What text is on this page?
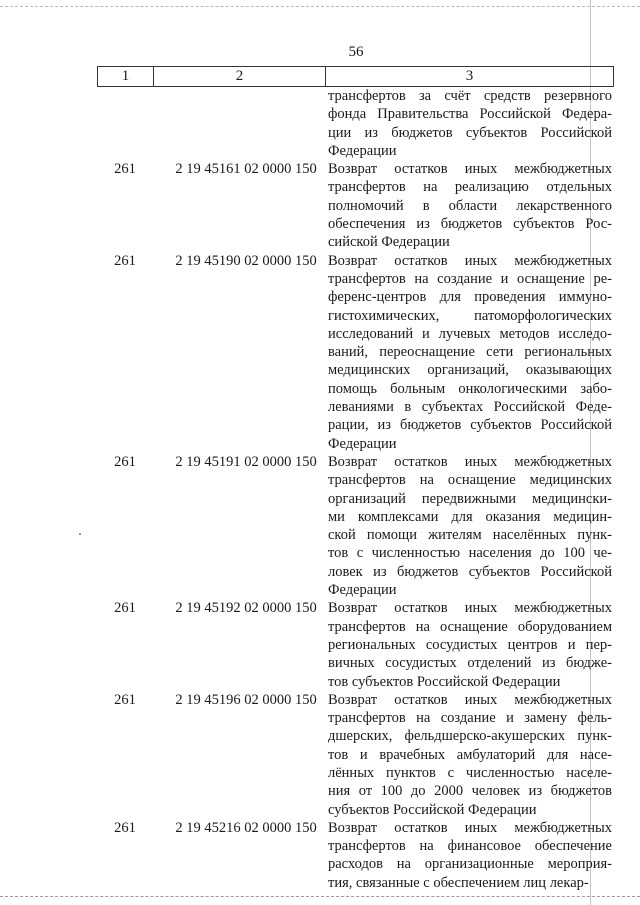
56
1	2	3
трансфертов за счёт средств резервного
фонда Правительства Российской Федера-
ции из бюджетов субъектов Российской
Федерации
261	2 19 45161 02 0000 150 Возврат остатков иных межбюджетных
трансфертов на реализацию отдельных
полномочий в области лекарственного
обеспечения из бюджетов субъектов Рос-
сийской Федерации
261	2 19 45190 02 0000 150 Возврат остатков иных межбюджетных
трансфертов на создание и оснащение ре-
ференс-центров для проведения иммуно-
гистохимических, патоморфологических
исследований и лучевых методов исследо-
ваний, переоснащение сети региональных
медицинских организаций, оказывающих
помощь больным онкологическими забо-
леваниями в субъектах Российской Феде-
рации, из бюджетов субъектов Российской
Федерации
261	2 19 45191 02 0000 150 Возврат остатков иных межбюджетных
трансфертов на оснащение медицинских
организаций передвижными медицински-
ми комплексами для оказания медицин-
ской помощи жителям населённых пунк-
тов с численностью населения до 100 че-
ловек из бюджетов субъектов Российской
Федерации
261	2 19 45192 02 0000 150 Возврат остатков иных межбюджетных
трансфертов на оснащение оборудованием
региональных сосудистых центров и пер-
вичных сосудистых отделений из бюдже-
тов субъектов Российской Федерации
261	2 19 45196 02 0000 150 Возврат остатков иных межбюджетных
трансфертов на создание и замену фель-
дшерских, фельдшерско-акушерских пунк-
тов и врачебных амбулаторий для насе-
лённых пунктов с численностью населе-
ния от 100 до 2000 человек из бюджетов
субъектов Российской Федерации
261	2 19 45216 02 0000 150 Возврат остатков иных межбюджетных
трансфертов на финансовое обеспечение
расходов на организационные мероприя-
тия, связанные с обеспечением лиц лекар-
